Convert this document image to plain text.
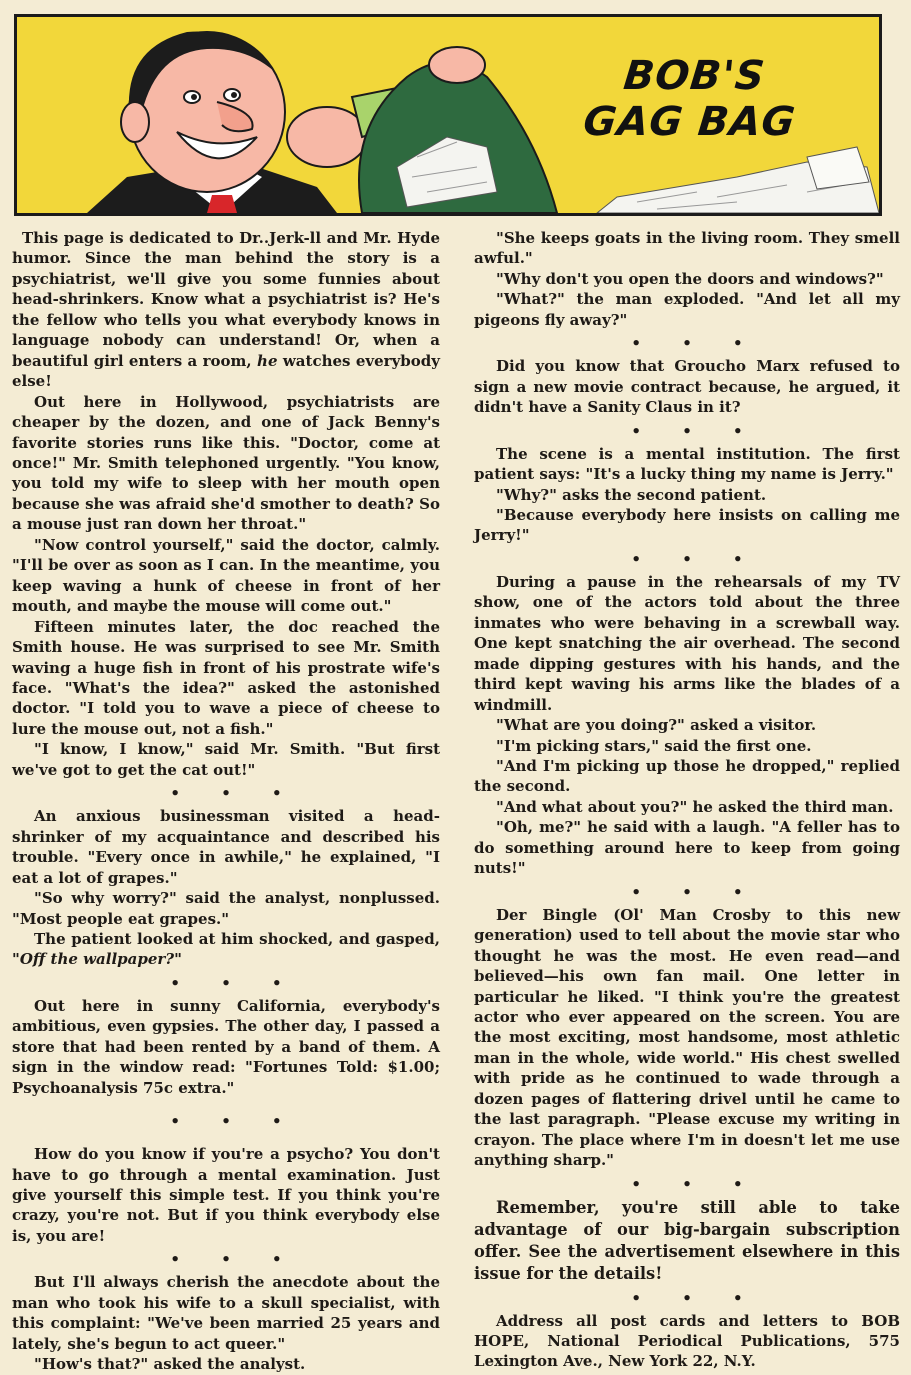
BOB'S
GAG BAG

This page is dedicated to Dr..Jerk-ll and Mr. Hyde humor. Since the man behind the story is a psychiatrist, we'll give you some funnies about head-shrinkers. Know what a psychiatrist is? He's the fellow who tells you what everybody knows in language nobody can understand! Or, when a beautiful girl enters a room, he watches everybody else!

Out here in Hollywood, psychiatrists are cheaper by the dozen, and one of Jack Benny's favorite stories runs like this. "Doctor, come at once!" Mr. Smith telephoned urgently. "You know, you told my wife to sleep with her mouth open because she was afraid she'd smother to death? So a mouse just ran down her throat."

"Now control yourself," said the doctor, calmly. "I'll be over as soon as I can. In the meantime, you keep waving a hunk of cheese in front of her mouth, and maybe the mouse will come out."

Fifteen minutes later, the doc reached the Smith house. He was surprised to see Mr. Smith waving a huge fish in front of his prostrate wife's face. "What's the idea?" asked the astonished doctor. "I told you to wave a piece of cheese to lure the mouse out, not a fish."

"I know, I know," said Mr. Smith. "But first we've got to get the cat out!"

• • •

An anxious businessman visited a head-shrinker of my acquaintance and described his trouble. "Every once in awhile," he explained, "I eat a lot of grapes."

"So why worry?" said the analyst, nonplussed. "Most people eat grapes."

The patient looked at him shocked, and gasped, "Off the wallpaper?"

• • •

Out here in sunny California, everybody's ambitious, even gypsies. The other day, I passed a store that had been rented by a band of them. A sign in the window read: "Fortunes Told: $1.00; Psychoanalysis 75c extra."

• • •

How do you know if you're a psycho? You don't have to go through a mental examination. Just give yourself this simple test. If you think you're crazy, you're not. But if you think everybody else is, you are!

• • •

But I'll always cherish the anecdote about the man who took his wife to a skull specialist, with this complaint: "We've been married 25 years and lately, she's begun to act queer."

"How's that?" asked the analyst.

"She keeps goats in the living room. They smell awful."

"Why don't you open the doors and windows?"

"What?" the man exploded. "And let all my pigeons fly away?"

• • •

Did you know that Groucho Marx refused to sign a new movie contract because, he argued, it didn't have a Sanity Claus in it?

• • •

The scene is a mental institution. The first patient says: "It's a lucky thing my name is Jerry."

"Why?" asks the second patient.

"Because everybody here insists on calling me Jerry!"

• • •

During a pause in the rehearsals of my TV show, one of the actors told about the three inmates who were behaving in a screwball way. One kept snatching the air overhead. The second made dipping gestures with his hands, and the third kept waving his arms like the blades of a windmill.

"What are you doing?" asked a visitor.

"I'm picking stars," said the first one.

"And I'm picking up those he dropped," replied the second.

"And what about you?" he asked the third man.

"Oh, me?" he said with a laugh. "A feller has to do something around here to keep from going nuts!"

• • •

Der Bingle (Ol' Man Crosby to this new generation) used to tell about the movie star who thought he was the most. He even read—and believed—his own fan mail. One letter in particular he liked. "I think you're the greatest actor who ever appeared on the screen. You are the most exciting, most handsome, most athletic man in the whole, wide world." His chest swelled with pride as he continued to wade through a dozen pages of flattering drivel until he came to the last paragraph. "Please excuse my writing in crayon. The place where I'm in doesn't let me use anything sharp."

• • •

Remember, you're still able to take advantage of our big-bargain subscription offer. See the advertisement elsewhere in this issue for the details!

• • •

Address all post cards and letters to BOB HOPE, National Periodical Publications, 575 Lexington Ave., New York 22, N.Y.
